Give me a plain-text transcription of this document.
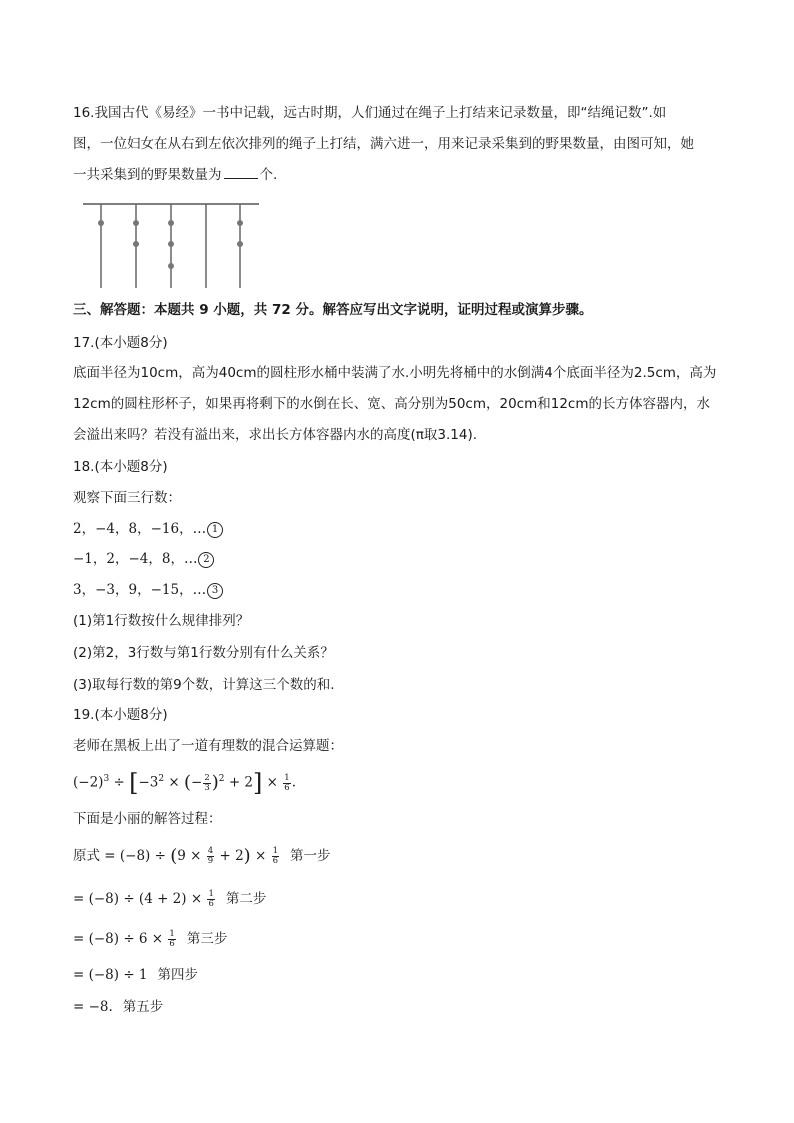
16.我国古代《易经》一书中记载，远古时期，人们通过在绳子上打结来记录数量，即“结绳记数”.如
图，一位妇女在从右到左依次排列的绳子上打结，满六进一，用来记录采集到的野果数量，由图可知，她
一共采集到的野果数量为	个.
三、解答题：本题共 9 小题，共 72 分。解答应写出文字说明，证明过程或演算步骤。
17.(本小题8分)
底面半径为10cm，高为40cm的圆柱形水桶中装满了水.小明先将桶中的水倒满4个底面半径为2.5cm，高为
12cm的圆柱形杯子，如果再将剩下的水倒在长、宽、高分别为50cm，20cm和12cm的长方体容器内，水
会溢出来吗？若没有溢出来，求出长方体容器内水的高度(π取3.14).
18.(本小题8分)
观察下面三行数：
2，−4，8，−16，… 1
−1，2，−4，8，… 2
3，−3，9，−15，… 3
(1)第1行数按什么规律排列？
(2)第2，3行数与第1行数分别有什么关系？
(3)取每行数的第9个数，计算这三个数的和.
19.(本小题8分)
老师在黑板上出了一道有理数的混合运算题：
$(-2)^3 \div [-3^2$ × (− $\frac{2}{3} )^2 + 2] \times \frac{1}{6}$ .
下面是小丽的解答过程：
原式 = $(-8) \div (9 \times \frac{4}{9} + 2) \times \frac{1}{6}$ 第一步
= $(-8) \div (4 + 2) \times \frac{1}{6}$ 第二步
= $(-8) \div 6 \times \frac{1}{6}$ 第三步
= (−8) ÷ 1 第四步
= −8. 第五步
